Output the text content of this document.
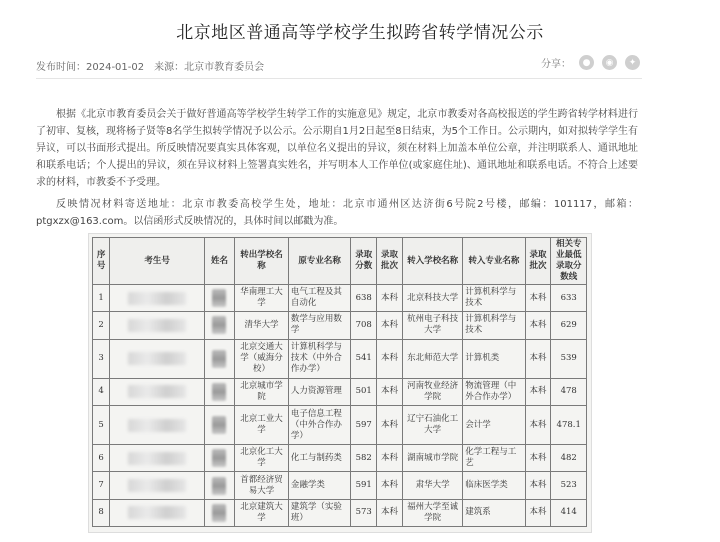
北京地区普通高等学校学生拟跨省转学情况公示
发布时间：2024-01-02 来源：北京市教育委员会	分享：	●	◉	✦

根据《北京市教育委员会关于做好普通高等学校学生转学工作的实施意见》规定，北京市教委对各高校报送的学生跨省转学材料进行了初审、复核，现将杨子贤等8名学生拟转学情况予以公示。公示期自1月2日起至8日结束，为5个工作日。公示期内，如对拟转学学生有异议，可以书面形式提出。所反映情况要真实具体客观，以单位名义提出的异议，须在材料上加盖本单位公章，并注明联系人、通讯地址和联系电话；个人提出的异议，须在异议材料上签署真实姓名，并写明本人工作单位(或家庭住址)、通讯地址和联系电话。不符合上述要求的材料，市教委不予受理。

反映情况材料寄送地址：北京市教委高校学生处，地址：北京市通州区达济街6号院2号楼，邮编：101117，邮箱：ptgxzx@163.com。以信函形式反映情况的，具体时间以邮戳为准。

序号	考生号	姓名	转出学校名称	原专业名称	录取分数	录取批次	转入学校名称	转入专业名称	录取批次	相关专业最低录取分数线
1			华南理工大学	电气工程及其自动化	638	本科	北京科技大学	计算机科学与技术	本科	633
2			清华大学	数学与应用数学	708	本科	杭州电子科技大学	计算机科学与技术	本科	629
3			北京交通大学（威海分校）	计算机科学与技术（中外合作办学）	541	本科	东北师范大学	计算机类	本科	539
4			北京城市学院	人力资源管理	501	本科	河南牧业经济学院	物流管理（中外合作办学）	本科	478
5			北京工业大学	电子信息工程（中外合作办学）	597	本科	辽宁石油化工大学	会计学	本科	478.1
6			北京化工大学	化工与制药类	582	本科	湖南城市学院	化学工程与工艺	本科	482
7			首都经济贸易大学	金融学类	591	本科	肃华大学	临床医学类	本科	523
8			北京建筑大学	建筑学（实验班）	573	本科	福州大学至诚学院	建筑系	本科	414
